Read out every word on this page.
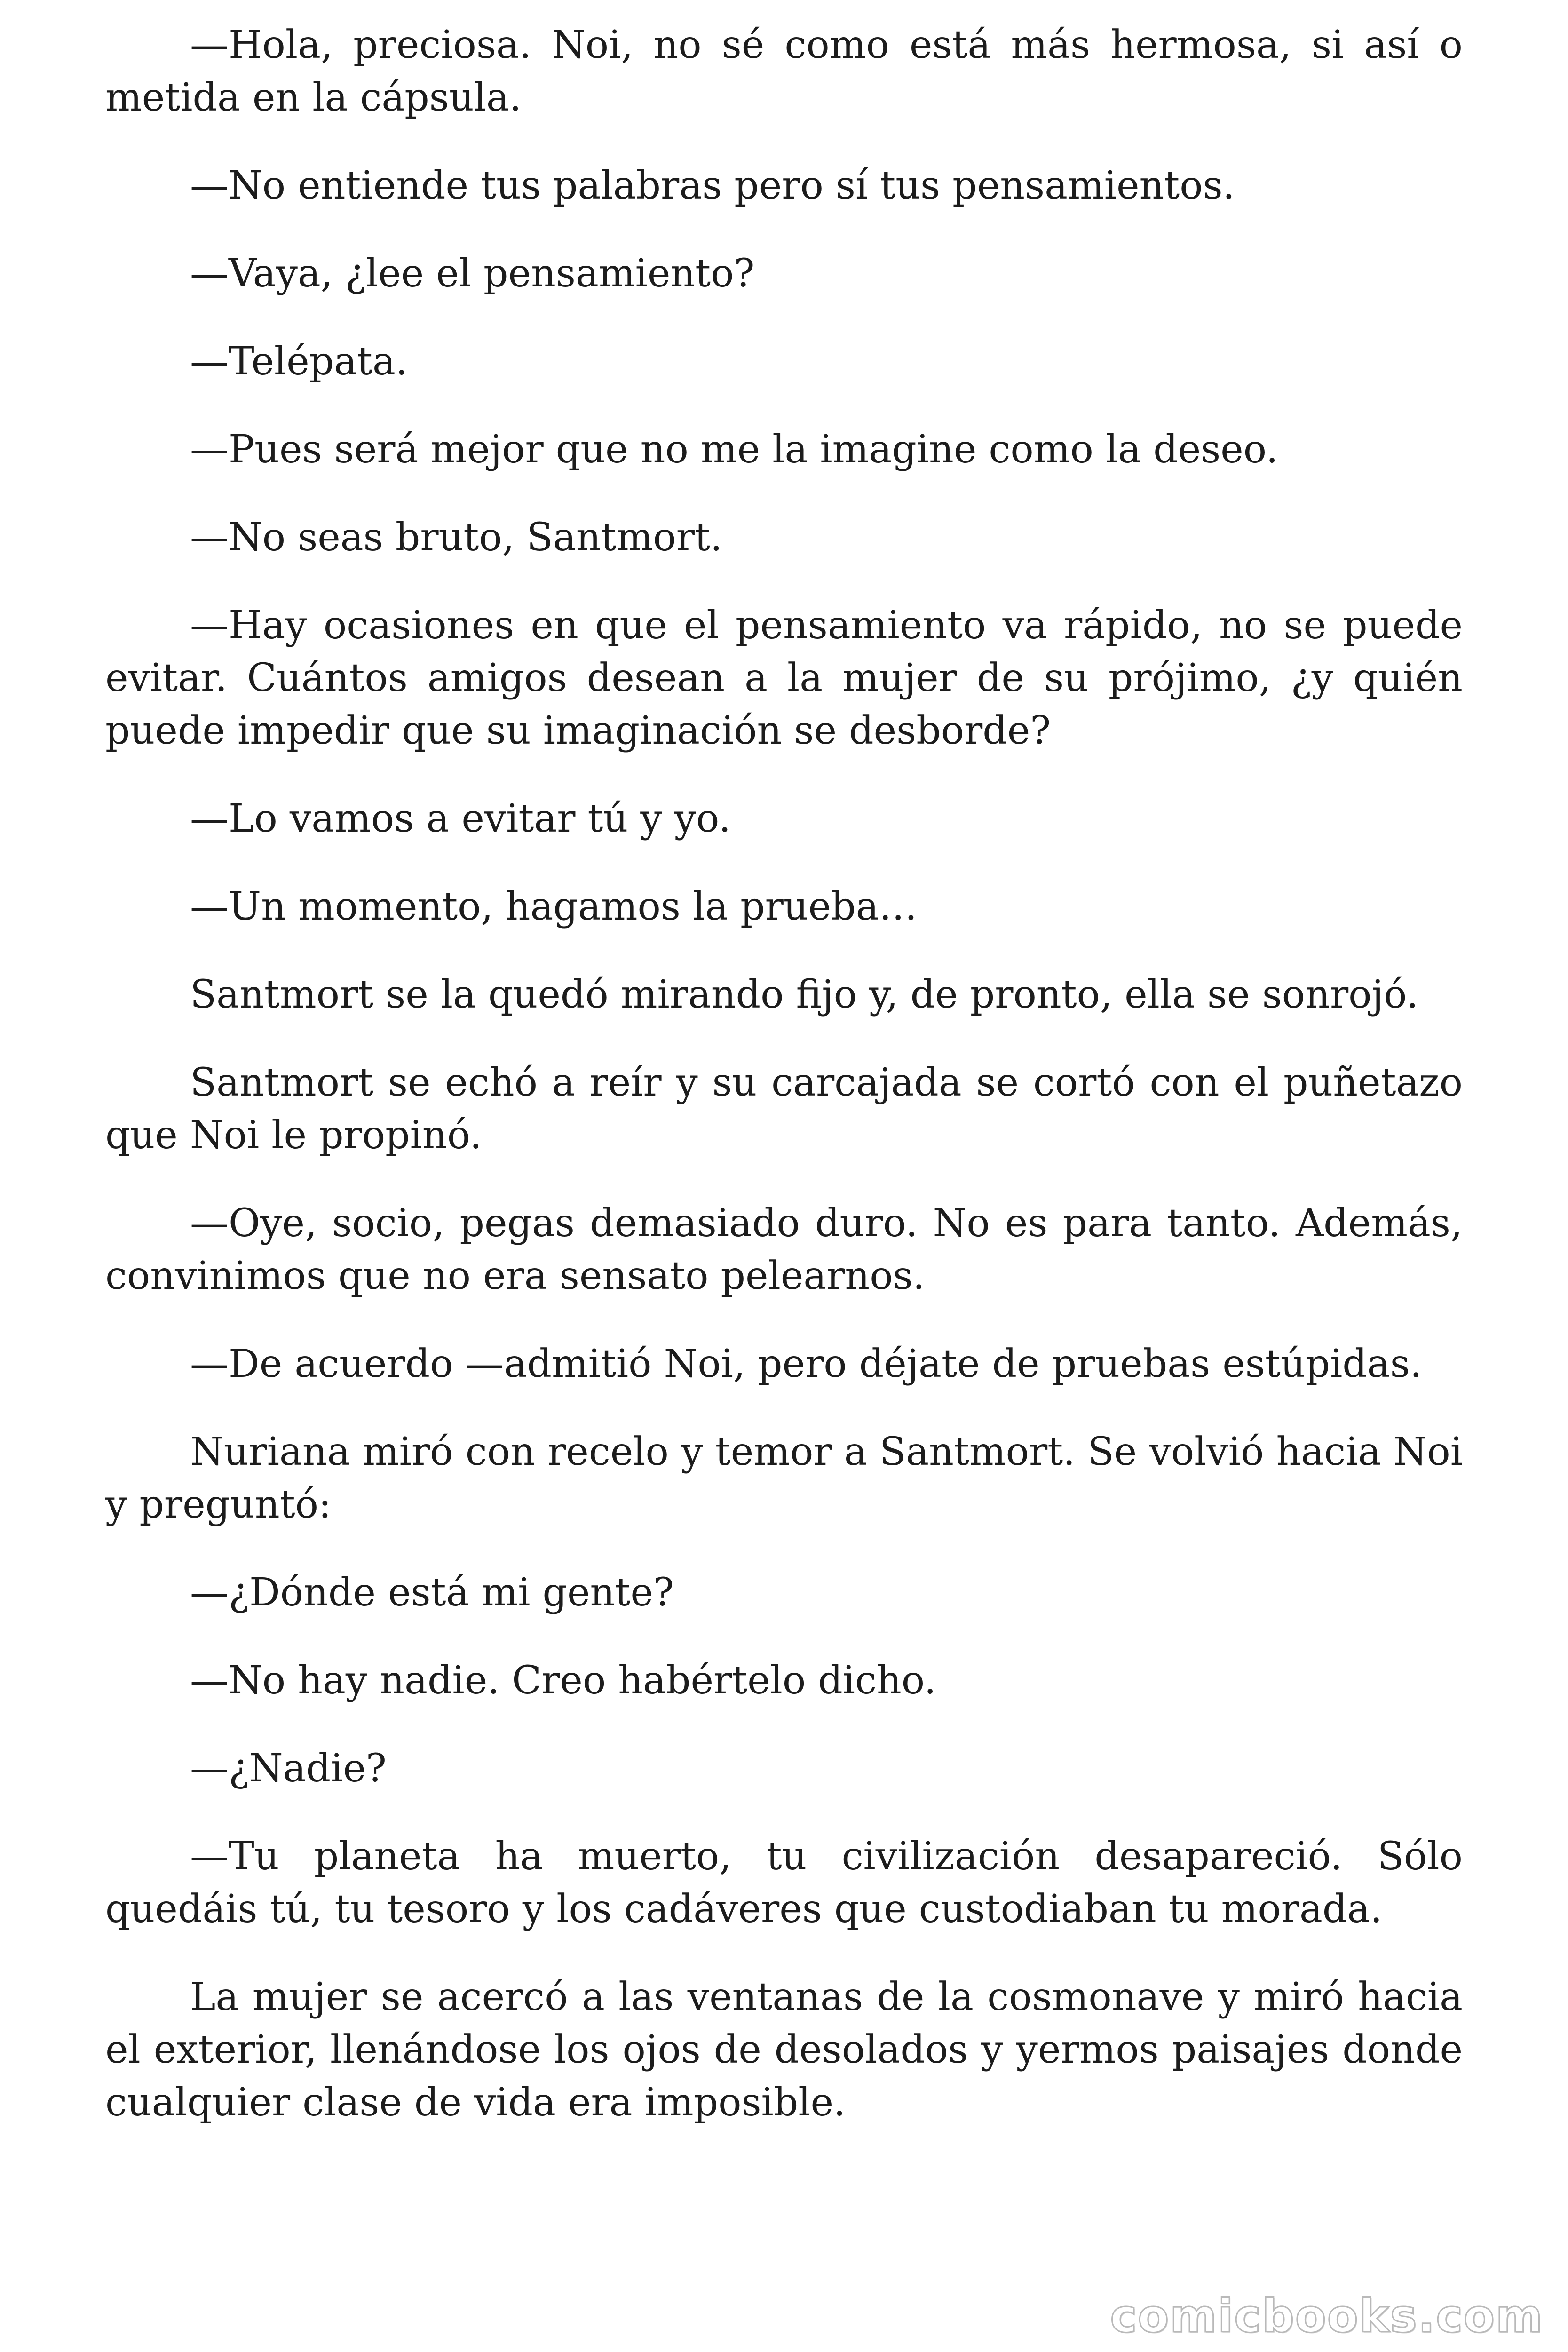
—Hola, preciosa. Noi, no sé como está más hermosa, si así o metida en la cápsula.

—No entiende tus palabras pero sí tus pensamientos.

—Vaya, ¿lee el pensamiento?

—Telépata.

—Pues será mejor que no me la imagine como la deseo.

—No seas bruto, Santmort.

—Hay ocasiones en que el pensamiento va rápido, no se puede evitar. Cuántos amigos desean a la mujer de su prójimo, ¿y quién puede impedir que su imaginación se desborde?

—Lo vamos a evitar tú y yo.

—Un momento, hagamos la prueba…

Santmort se la quedó mirando fijo y, de pronto, ella se sonrojó.

Santmort se echó a reír y su carcajada se cortó con el puñetazo que Noi le propinó.

—Oye, socio, pegas demasiado duro. No es para tanto. Además, convinimos que no era sensato pelearnos.

—De acuerdo —admitió Noi, pero déjate de pruebas estúpidas.

Nuriana miró con recelo y temor a Santmort. Se volvió hacia Noi y preguntó:

—¿Dónde está mi gente?

—No hay nadie. Creo habértelo dicho.

—¿Nadie?

—Tu planeta ha muerto, tu civilización desapareció. Sólo quedáis tú, tu tesoro y los cadáveres que custodiaban tu morada.

La mujer se acercó a las ventanas de la cosmonave y miró hacia el exterior, llenándose los ojos de desolados y yermos paisajes donde cualquier clase de vida era imposible.

comicbooks.com
